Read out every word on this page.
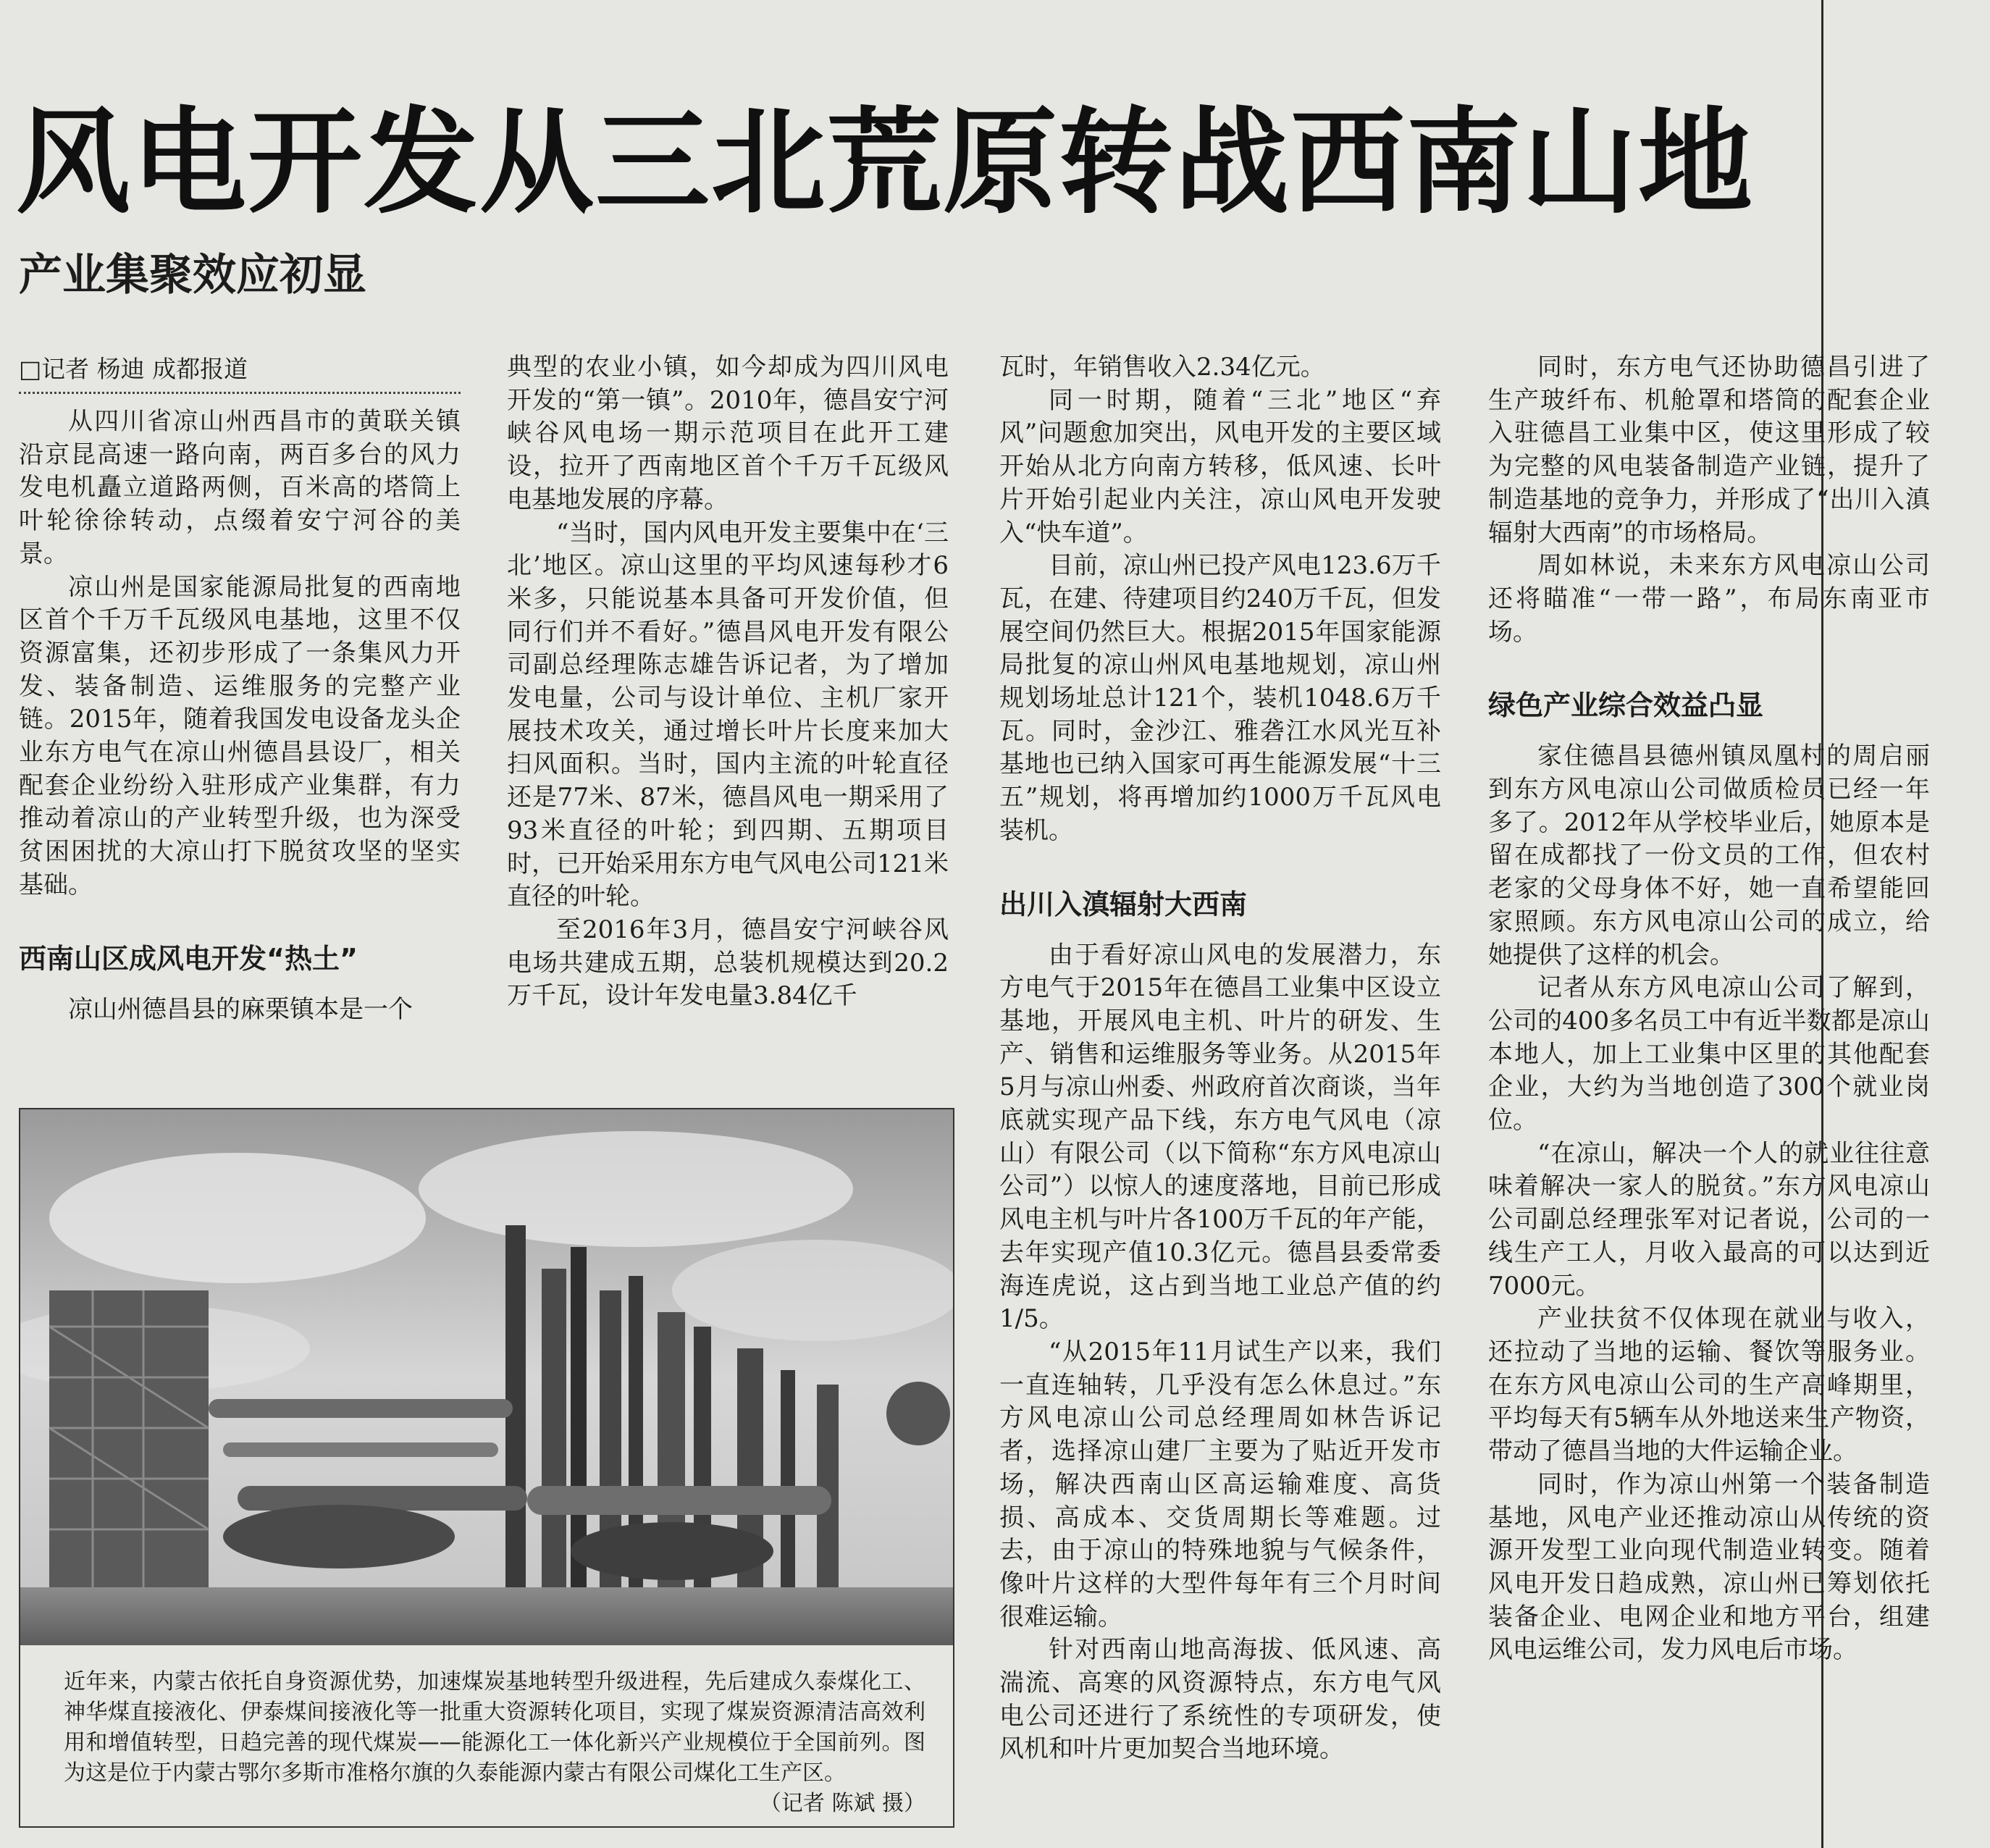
风电开发从三北荒原转战西南山地
产业集聚效应初显
□记者 杨迪 成都报道

从四川省凉山州西昌市的黄联关镇沿京昆高速一路向南，两百多台的风力发电机矗立道路两侧，百米高的塔筒上叶轮徐徐转动，点缀着安宁河谷的美景。

凉山州是国家能源局批复的西南地区首个千万千瓦级风电基地，这里不仅资源富集，还初步形成了一条集风力开发、装备制造、运维服务的完整产业链。2015年，随着我国发电设备龙头企业东方电气在凉山州德昌县设厂，相关配套企业纷纷入驻形成产业集群，有力推动着凉山的产业转型升级，也为深受贫困困扰的大凉山打下脱贫攻坚的坚实基础。

西南山区成风电开发“热土”

凉山州德昌县的麻栗镇本是一个

典型的农业小镇，如今却成为四川风电开发的“第一镇”。2010年，德昌安宁河峡谷风电场一期示范项目在此开工建设，拉开了西南地区首个千万千瓦级风电基地发展的序幕。

“当时，国内风电开发主要集中在‘三北’地区。凉山这里的平均风速每秒才6米多，只能说基本具备可开发价值，但同行们并不看好。”德昌风电开发有限公司副总经理陈志雄告诉记者，为了增加发电量，公司与设计单位、主机厂家开展技术攻关，通过增长叶片长度来加大扫风面积。当时，国内主流的叶轮直径还是77米、87米，德昌风电一期采用了93米直径的叶轮；到四期、五期项目时，已开始采用东方电气风电公司121米直径的叶轮。

至2016年3月，德昌安宁河峡谷风电场共建成五期，总装机规模达到20.2万千瓦，设计年发电量3.84亿千

瓦时，年销售收入2.34亿元。

同一时期，随着“三北”地区“弃风”问题愈加突出，风电开发的主要区域开始从北方向南方转移，低风速、长叶片开始引起业内关注，凉山风电开发驶入“快车道”。

目前，凉山州已投产风电123.6万千瓦，在建、待建项目约240万千瓦，但发展空间仍然巨大。根据2015年国家能源局批复的凉山州风电基地规划，凉山州规划场址总计121个，装机1048.6万千瓦。同时，金沙江、雅砻江水风光互补基地也已纳入国家可再生能源发展“十三五”规划，将再增加约1000万千瓦风电装机。

出川入滇辐射大西南

由于看好凉山风电的发展潜力，东方电气于2015年在德昌工业集中区设立基地，开展风电主机、叶片的研发、生产、销售和运维服务等业务。从2015年5月与凉山州委、州政府首次商谈，当年底就实现产品下线，东方电气风电（凉山）有限公司（以下简称“东方风电凉山公司”）以惊人的速度落地，目前已形成风电主机与叶片各100万千瓦的年产能，去年实现产值10.3亿元。德昌县委常委海连虎说，这占到当地工业总产值的约1/5。

“从2015年11月试生产以来，我们一直连轴转，几乎没有怎么休息过。”东方风电凉山公司总经理周如林告诉记者，选择凉山建厂主要为了贴近开发市场，解决西南山区高运输难度、高货损、高成本、交货周期长等难题。过去，由于凉山的特殊地貌与气候条件，像叶片这样的大型件每年有三个月时间很难运输。

针对西南山地高海拔、低风速、高湍流、高寒的风资源特点，东方电气风电公司还进行了系统性的专项研发，使风机和叶片更加契合当地环境。

同时，东方电气还协助德昌引进了生产玻纤布、机舱罩和塔筒的配套企业入驻德昌工业集中区，使这里形成了较为完整的风电装备制造产业链，提升了制造基地的竞争力，并形成了“出川入滇辐射大西南”的市场格局。

周如林说，未来东方风电凉山公司还将瞄准“一带一路”，布局东南亚市场。

绿色产业综合效益凸显

家住德昌县德州镇凤凰村的周启丽到东方风电凉山公司做质检员已经一年多了。2012年从学校毕业后，她原本是留在成都找了一份文员的工作，但农村老家的父母身体不好，她一直希望能回家照顾。东方风电凉山公司的成立，给她提供了这样的机会。

记者从东方风电凉山公司了解到，公司的400多名员工中有近半数都是凉山本地人，加上工业集中区里的其他配套企业，大约为当地创造了300个就业岗位。

“在凉山，解决一个人的就业往往意味着解决一家人的脱贫。”东方风电凉山公司副总经理张军对记者说，公司的一线生产工人，月收入最高的可以达到近7000元。

产业扶贫不仅体现在就业与收入，还拉动了当地的运输、餐饮等服务业。在东方风电凉山公司的生产高峰期里，平均每天有5辆车从外地送来生产物资，带动了德昌当地的大件运输企业。

同时，作为凉山州第一个装备制造基地，风电产业还推动凉山从传统的资源开发型工业向现代制造业转变。随着风电开发日趋成熟，凉山州已筹划依托装备企业、电网企业和地方平台，组建风电运维公司，发力风电后市场。

近年来，内蒙古依托自身资源优势，加速煤炭基地转型升级进程，先后建成久泰煤化工、神华煤直接液化、伊泰煤间接液化等一批重大资源转化项目，实现了煤炭资源清洁高效利用和增值转型，日趋完善的现代煤炭——能源化工一体化新兴产业规模位于全国前列。图为这是位于内蒙古鄂尔多斯市准格尔旗的久泰能源内蒙古有限公司煤化工生产区。
（记者 陈斌 摄）
